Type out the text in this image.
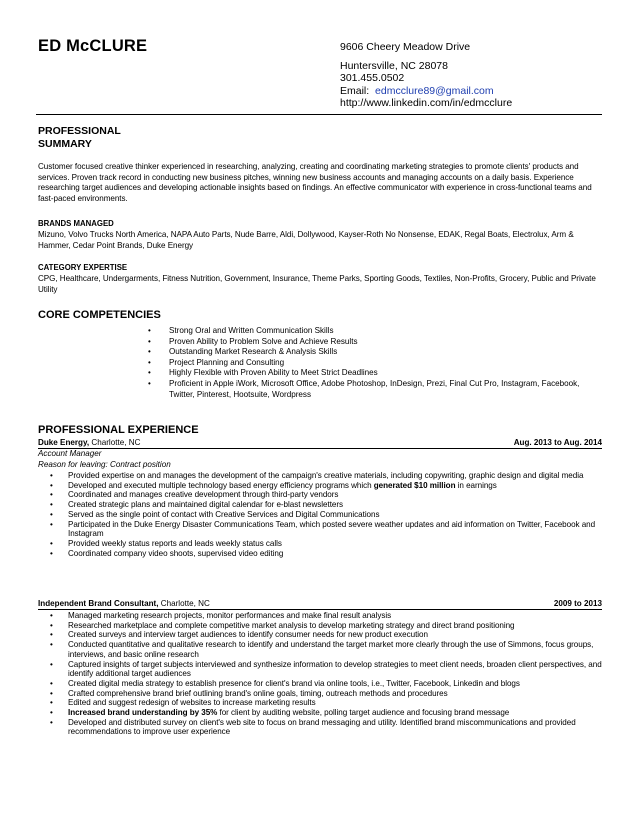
ED McCLURE	9606 Cheery Meadow Drive
Huntersville, NC 28078
301.455.0502
Email: edmcclure89@gmail.com
http://www.linkedin.com/in/edmcclure
PROFESSIONAL
SUMMARY
Customer focused creative thinker experienced in researching, analyzing, creating and coordinating marketing strategies to promote clients' products and services. Proven track record in conducting new business pitches, winning new business accounts and managing accounts on a daily basis. Experience researching target audiences and developing actionable insights based on findings. An effective communicator with experience in cross-functional teams and fast-paced environments.
BRANDS MANAGED
Mizuno, Volvo Trucks North America, NAPA Auto Parts, Nude Barre, Aldi, Dollywood, Kayser-Roth No Nonsense, EDAK, Regal Boats, Electrolux, Arm & Hammer, Cedar Point Brands, Duke Energy
CATEGORY EXPERTISE
CPG, Healthcare, Undergarments, Fitness Nutrition, Government, Insurance, Theme Parks, Sporting Goods, Textiles, Non-Profits, Grocery, Public and Private Utility
CORE COMPETENCIES
• Strong Oral and Written Communication Skills
• Proven Ability to Problem Solve and Achieve Results
• Outstanding Market Research & Analysis Skills
• Project Planning and Consulting
• Highly Flexible with Proven Ability to Meet Strict Deadlines
• Proficient in Apple iWork, Microsoft Office, Adobe Photoshop, InDesign, Prezi, Final Cut Pro, Instagram, Facebook, Twitter, Pinterest, Hootsuite, Wordpress
PROFESSIONAL EXPERIENCE
Duke Energy, Charlotte, NC	Aug. 2013 to Aug. 2014
Account Manager
Reason for leaving: Contract position
• Provided expertise on and manages the development of the campaign's creative materials, including copywriting, graphic design and digital media
• Developed and executed multiple technology based energy efficiency programs which generated $10 million in earnings
• Coordinated and manages creative development through third-party vendors
• Created strategic plans and maintained digital calendar for e-blast newsletters
• Served as the single point of contact with Creative Services and Digital Communications
• Participated in the Duke Energy Disaster Communications Team, which posted severe weather updates and aid information on Twitter, Facebook and Instagram
• Provided weekly status reports and leads weekly status calls
• Coordinated company video shoots, supervised video editing
Independent Brand Consultant, Charlotte, NC	2009 to 2013
• Managed marketing research projects, monitor performances and make final result analysis
• Researched marketplace and complete competitive market analysis to develop marketing strategy and direct brand positioning
• Created surveys and interview target audiences to identify consumer needs for new product execution
• Conducted quantitative and qualitative research to identify and understand the target market more clearly through the use of Simmons, focus groups, interviews, and basic online research
• Captured insights of target subjects interviewed and synthesize information to develop strategies to meet client needs, broaden client perspectives, and identify additional target audiences
• Created digital media strategy to establish presence for client's brand via online tools, i.e., Twitter, Facebook, Linkedin and blogs
• Crafted comprehensive brand brief outlining brand's online goals, timing, outreach methods and procedures
• Edited and suggest redesign of websites to increase marketing results
• Increased brand understanding by 35% for client by auditing website, polling target audience and focusing brand message
• Developed and distributed survey on client's web site to focus on brand messaging and utility. Identified brand miscommunications and provided recommendations to improve user experience
